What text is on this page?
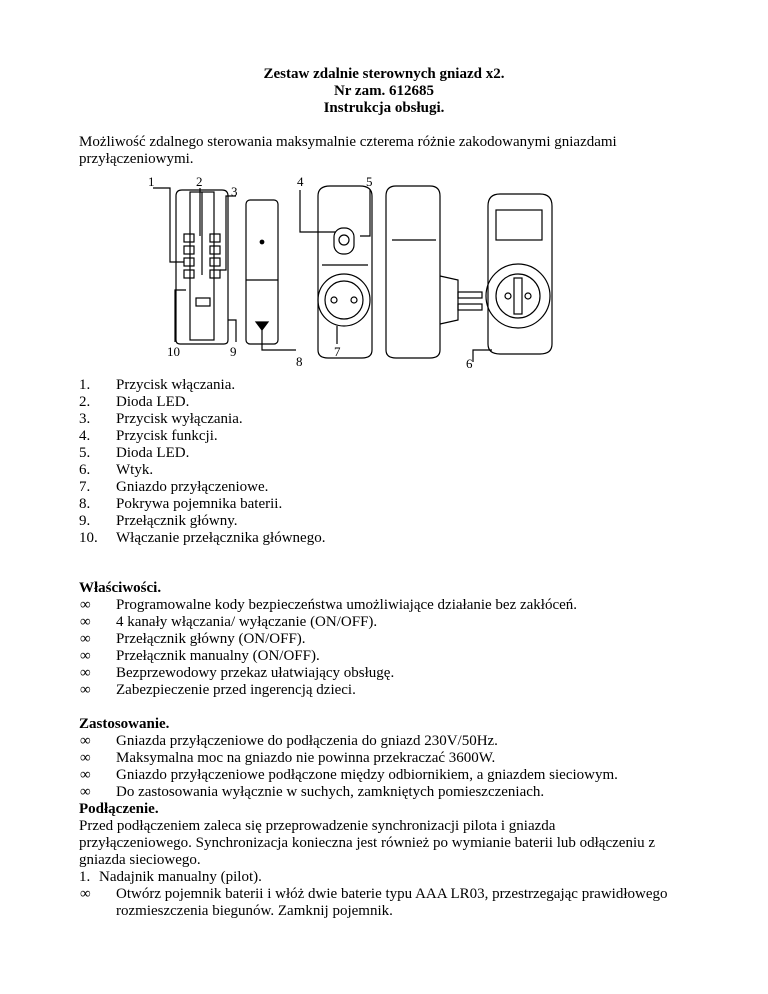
Zestaw zdalnie sterownych gniazd x2.
Nr zam. 612685
Instrukcja obsługi.
Możliwość zdalnego sterowania maksymalnie czterema różnie zakodowanymi gniazdami
przyłączeniowymi.
1	2
3
4	5
10	9
8
7
6
1.	Przycisk włączania.
2.	Dioda LED.
3.	Przycisk wyłączania.
4.	Przycisk funkcji.
5.	Dioda LED.
6.	Wtyk.
7.	Gniazdo przyłączeniowe.
8.	Pokrywa pojemnika baterii.
9.	Przełącznik główny.
10.	Włączanie przełącznika głównego.
Właściwości.
∞ Programowalne kody bezpieczeństwa umożliwiające działanie bez zakłóceń.
∞ 4 kanały włączania/ wyłączanie (ON/OFF).
∞ Przełącznik główny (ON/OFF).
∞ Przełącznik manualny (ON/OFF).
∞ Bezprzewodowy przekaz ułatwiający obsługę.
∞ Zabezpieczenie przed ingerencją dzieci.
Zastosowanie.
∞ Gniazda przyłączeniowe do podłączenia do gniazd 230V/50Hz.
∞ Maksymalna moc na gniazdo nie powinna przekraczać 3600W.
∞ Gniazdo przyłączeniowe podłączone między odbiornikiem, a gniazdem sieciowym.
∞ Do zastosowania wyłącznie w suchych, zamkniętych pomieszczeniach.
Podłączenie.
Przed podłączeniem zaleca się przeprowadzenie synchronizacji pilota i gniazda
przyłączeniowego. Synchronizacja konieczna jest również po wymianie baterii lub odłączeniu z
gniazda sieciowego.
1. Nadajnik manualny (pilot).
∞ Otwórz pojemnik baterii i włóż dwie baterie typu AAA LR03, przestrzegając prawidłowego
rozmieszczenia biegunów. Zamknij pojemnik.
